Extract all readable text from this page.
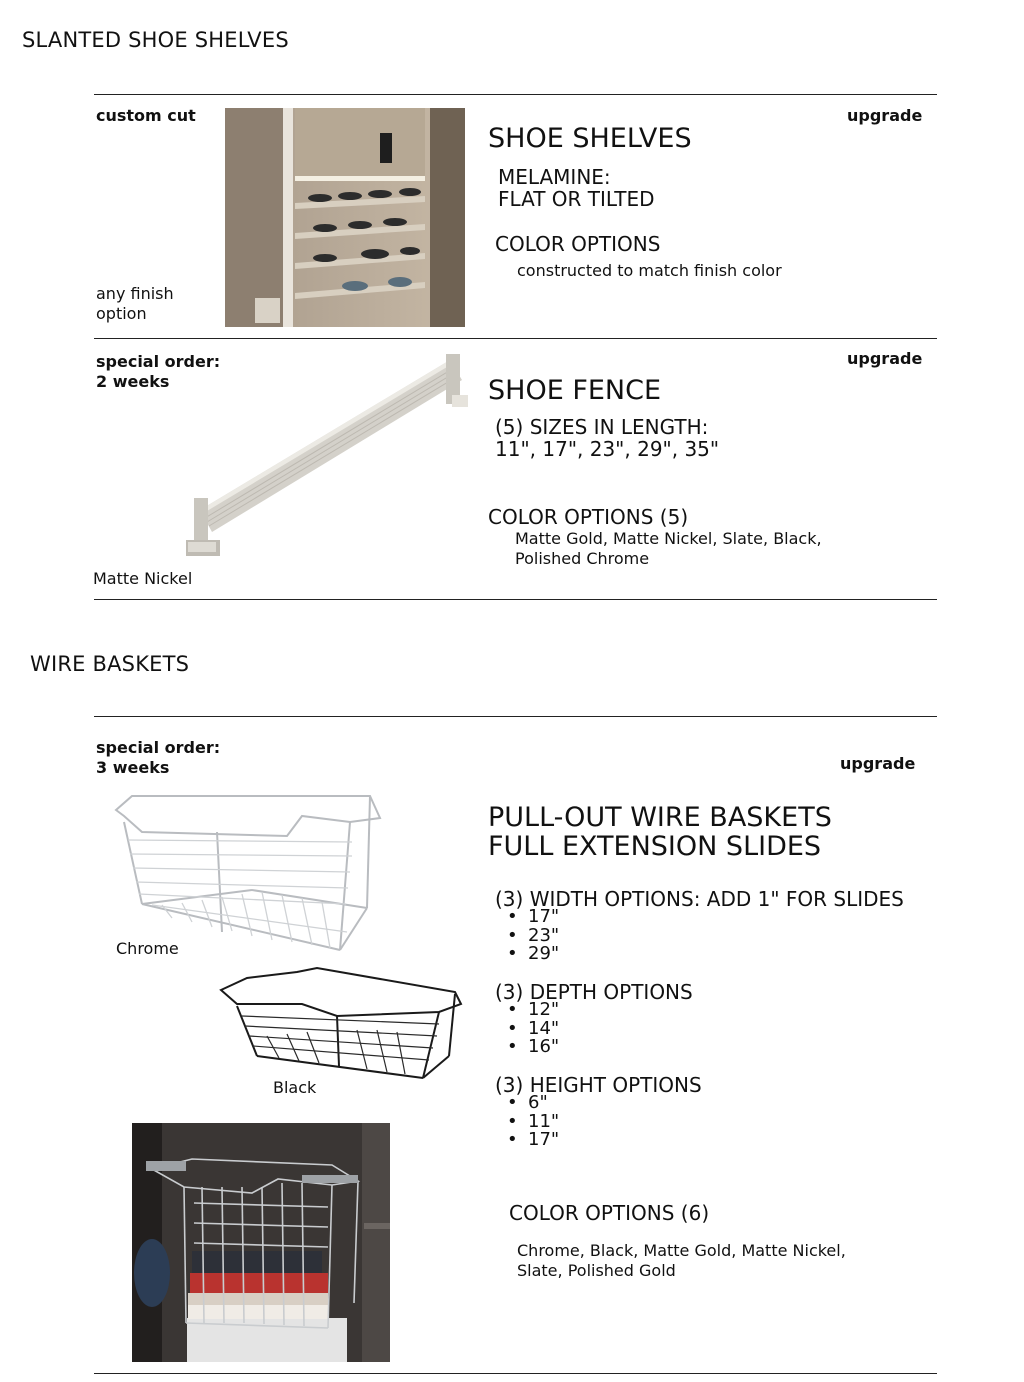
SLANTED SHOE SHELVES
custom cut
any finish
option
upgrade
SHOE SHELVES
MELAMINE:
FLAT OR TILTED
COLOR OPTIONS
constructed to match finish color
special order:
2 weeks
Matte Nickel
upgrade
SHOE FENCE
(5) SIZES IN LENGTH:
11", 17", 23", 29", 35"
COLOR OPTIONS (5)
Matte Gold, Matte Nickel, Slate, Black,
Polished Chrome
WIRE BASKETS
special order:
3 weeks	upgrade
Chrome
Black
PULL-OUT WIRE BASKETS
FULL EXTENSION SLIDES
(3) WIDTH OPTIONS: ADD 1" FOR SLIDES
• 17"
• 23"
• 29"
(3) DEPTH OPTIONS
• 12"
• 14"
• 16"
(3) HEIGHT OPTIONS
• 6"
• 11"
• 17"
COLOR OPTIONS (6)
Chrome, Black, Matte Gold, Matte Nickel,
Slate, Polished Gold
